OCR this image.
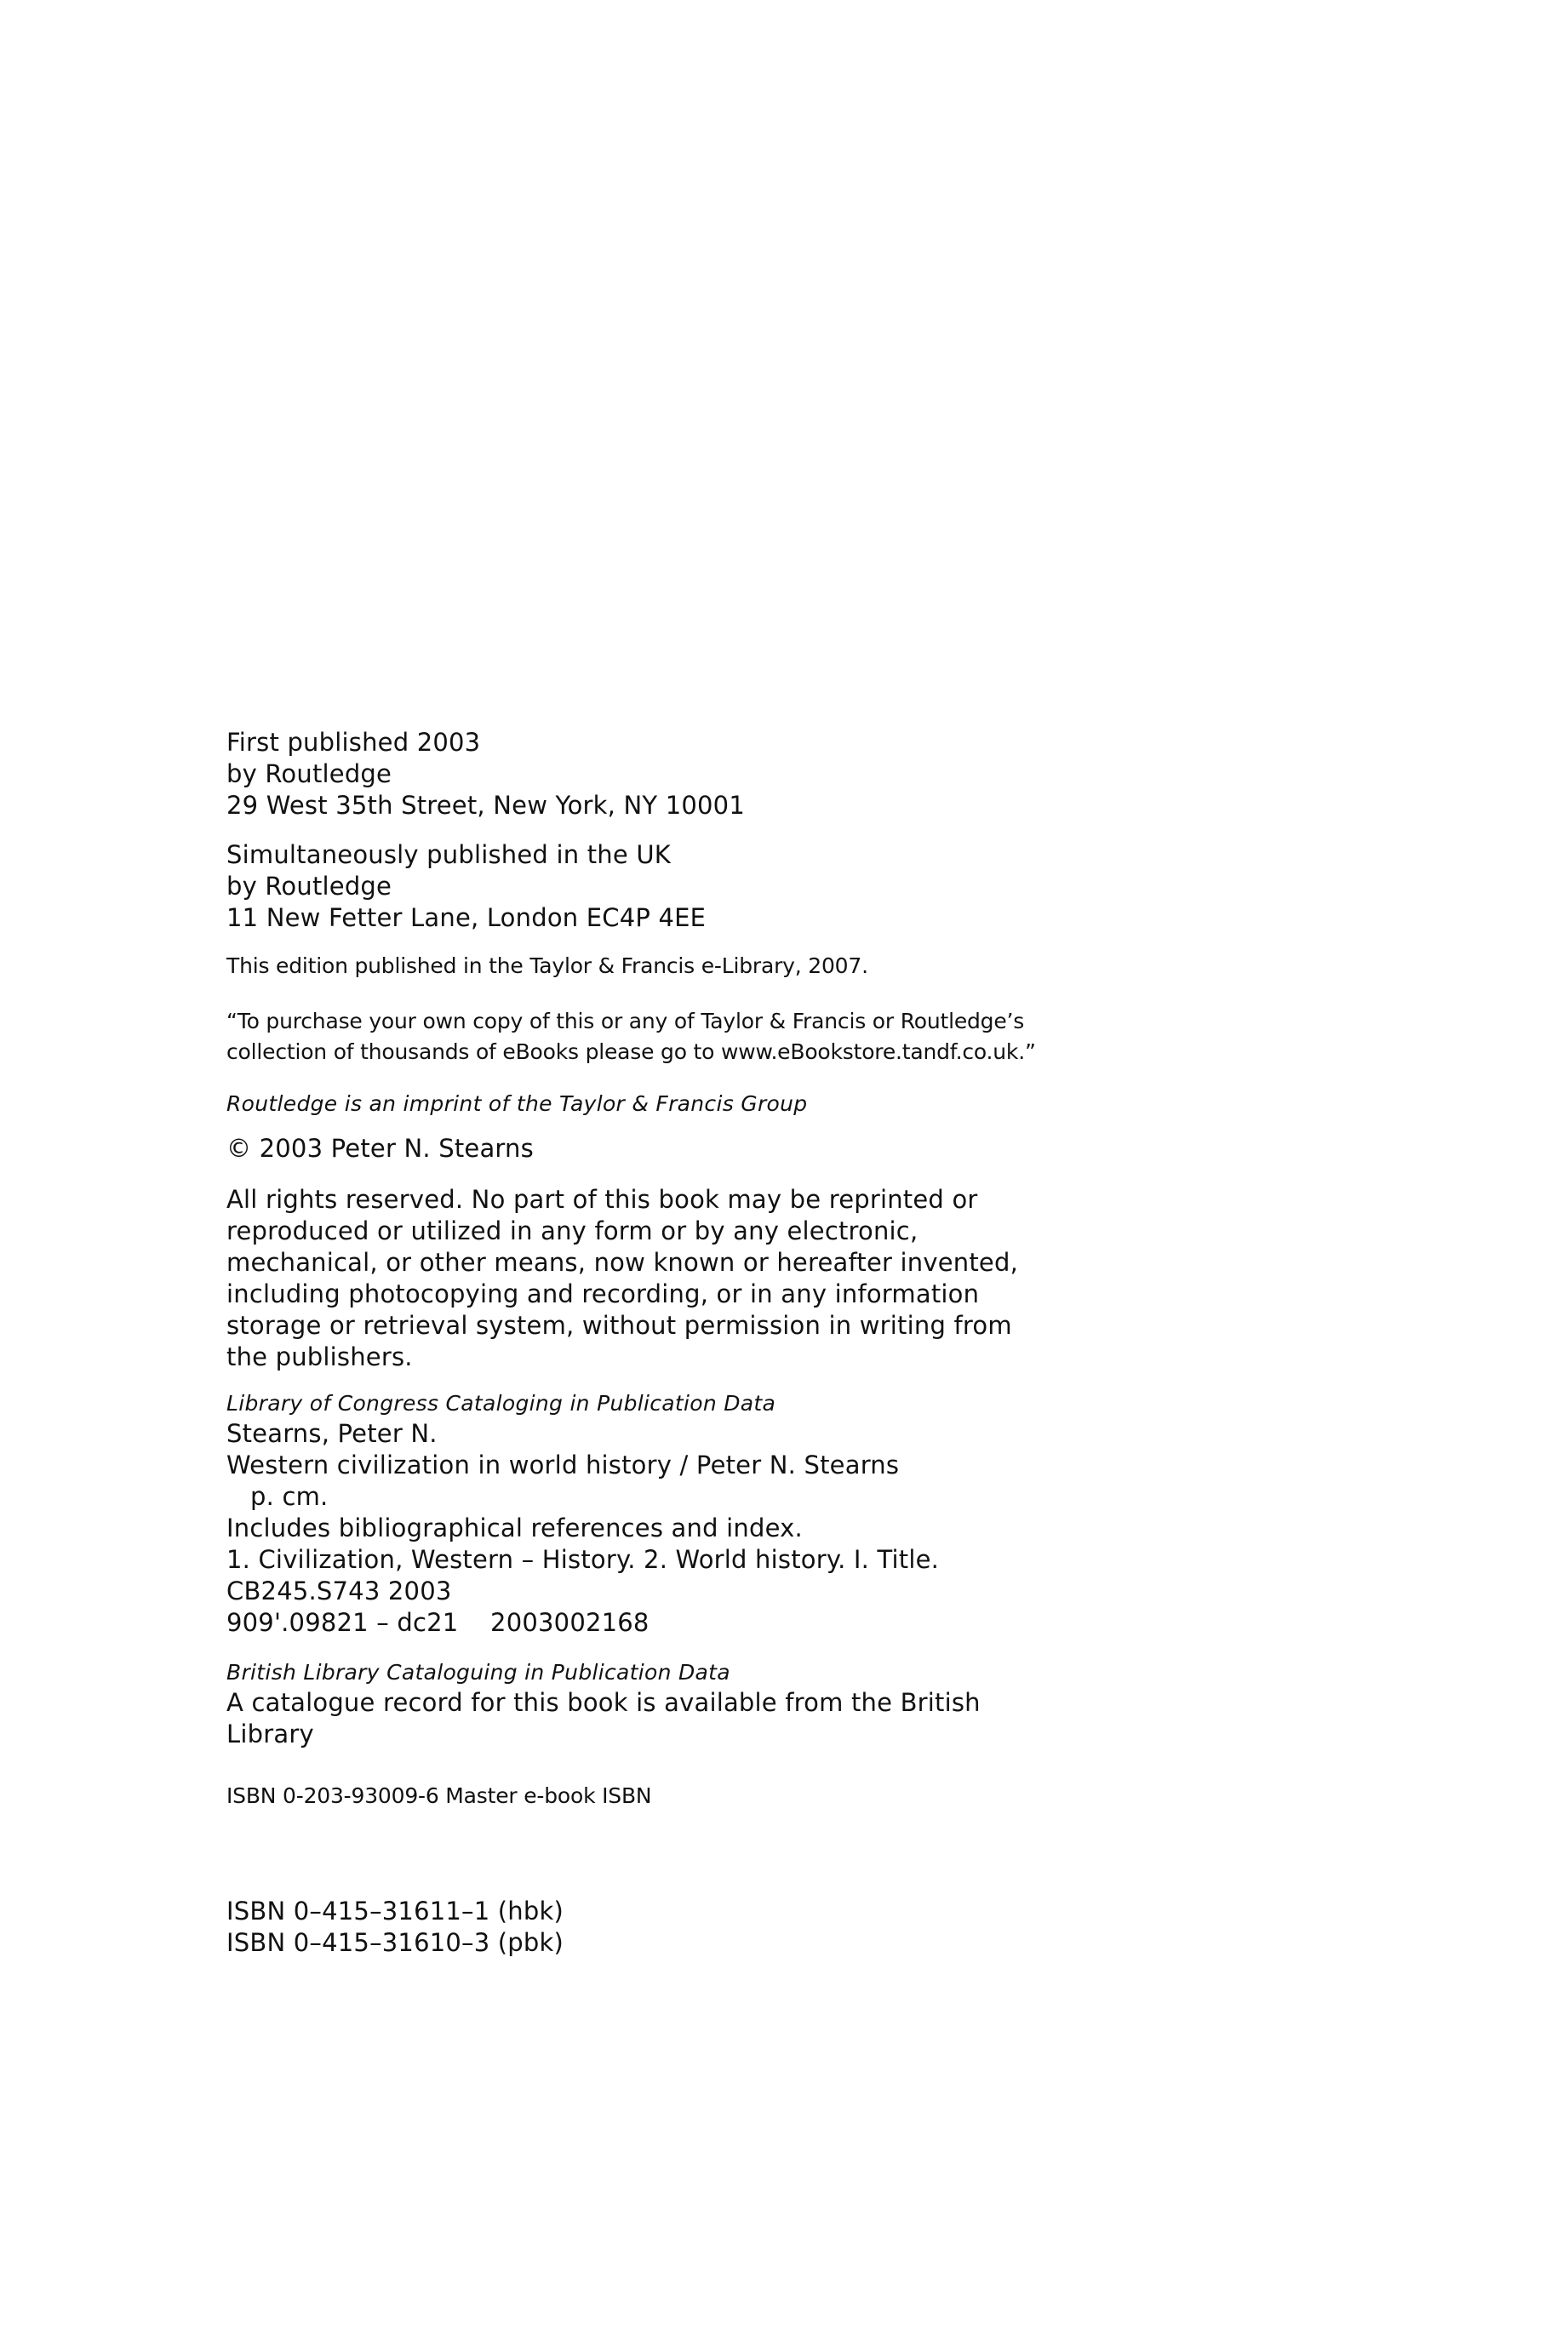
First published 2003
by Routledge
29 West 35th Street, New York, NY 10001
Simultaneously published in the UK
by Routledge
11 New Fetter Lane, London EC4P 4EE
This edition published in the Taylor & Francis e-Library, 2007.
“To purchase your own copy of this or any of Taylor & Francis or Routledge’s
collection of thousands of eBooks please go to www.eBookstore.tandf.co.uk.”
Routledge is an imprint of the Taylor & Francis Group
© 2003 Peter N. Stearns
All rights reserved. No part of this book may be reprinted or
reproduced or utilized in any form or by any electronic,
mechanical, or other means, now known or hereafter invented,
including photocopying and recording, or in any information
storage or retrieval system, without permission in writing from
the publishers.
Library of Congress Cataloging in Publication Data
Stearns, Peter N.
Western civilization in world history / Peter N. Stearns
p. cm.
Includes bibliographical references and index.
1. Civilization, Western – History. 2. World history. I. Title.
CB245.S743 2003
909'.09821 – dc21    2003002168
British Library Cataloguing in Publication Data
A catalogue record for this book is available from the British
Library
ISBN 0-203-93009-6 Master e-book ISBN
ISBN 0–415–31611–1 (hbk)
ISBN 0–415–31610–3 (pbk)
